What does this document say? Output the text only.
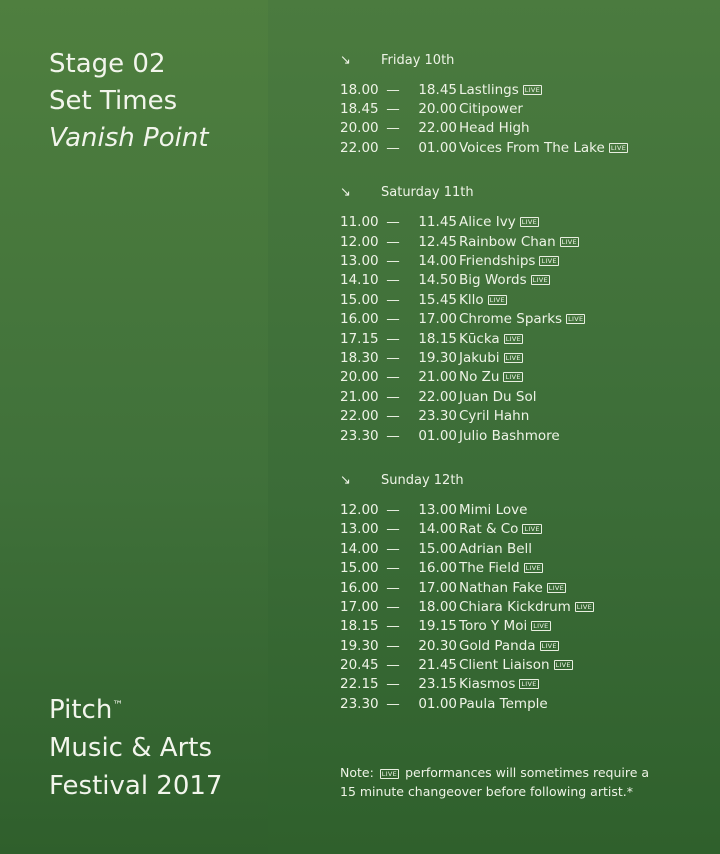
Stage 02
Set Times
Vanish Point
Pitch™
Music & Arts
Festival 2017
↘	Friday 10th
18.00 —	18.45 Lastlings LIVE
18.45 —	20.00 Citipower
20.00 —	22.00 Head High
22.00 —	01.00 Voices From The Lake LIVE
↘	Saturday 11th
11.00 —	11.45 Alice Ivy LIVE
12.00 —	12.45 Rainbow Chan LIVE
13.00 —	14.00 Friendships LIVE
14.10 —	14.50 Big Words LIVE
15.00 —	15.45 Kllo LIVE
16.00 —	17.00 Chrome Sparks LIVE
17.15 —	18.15 Kūcka LIVE
18.30 —	19.30 Jakubi LIVE
20.00 —	21.00 No Zu LIVE
21.00 —	22.00 Juan Du Sol
22.00 —	23.30 Cyril Hahn
23.30 —	01.00 Julio Bashmore
↘	Sunday 12th
12.00 —	13.00 Mimi Love
13.00 —	14.00 Rat & Co LIVE
14.00 —	15.00 Adrian Bell
15.00 —	16.00 The Field LIVE
16.00 —	17.00 Nathan Fake LIVE
17.00 —	18.00 Chiara Kickdrum LIVE
18.15 —	19.15 Toro Y Moi LIVE
19.30 —	20.30 Gold Panda LIVE
20.45 —	21.45 Client Liaison LIVE
22.15 —	23.15 Kiasmos LIVE
23.30 —	01.00 Paula Temple
Note: LIVE performances will sometimes require a
15 minute changeover before following artist.*
